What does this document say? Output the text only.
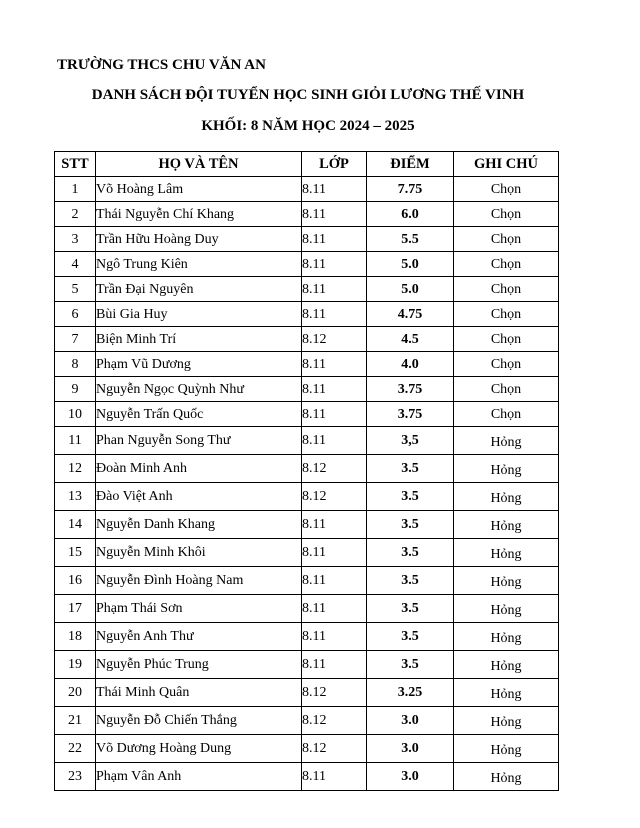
TRƯỜNG THCS CHU VĂN AN
DANH SÁCH ĐỘI TUYỂN HỌC SINH GIỎI LƯƠNG THẾ VINH
KHỐI: 8 NĂM HỌC 2024 – 2025
STT	HỌ VÀ TÊN	LỚP	ĐIỂM	GHI CHÚ
1	Võ Hoàng Lâm	8.11	7.75	Chọn
2	Thái Nguyễn Chí Khang	8.11	6.0	Chọn
3	Trần Hữu Hoàng Duy	8.11	5.5	Chọn
4	Ngô Trung Kiên	8.11	5.0	Chọn
5	Trần Đại Nguyên	8.11	5.0	Chọn
6	Bùi Gia Huy	8.11	4.75	Chọn
7	Biện Minh Trí	8.12	4.5	Chọn
8	Phạm Vũ Dương	8.11	4.0	Chọn
9	Nguyễn Ngọc Quỳnh Như	8.11	3.75	Chọn
10	Nguyễn Trấn Quốc	8.11	3.75	Chọn
11	Phan Nguyễn Song Thư	8.11	3,5	Hỏng
12	Đoàn Minh Anh	8.12	3.5	Hỏng
13	Đào Việt Anh	8.12	3.5	Hỏng
14	Nguyễn Danh Khang	8.11	3.5	Hỏng
15	Nguyễn Minh Khôi	8.11	3.5	Hỏng
16	Nguyễn Đình Hoàng Nam	8.11	3.5	Hỏng
17	Phạm Thái Sơn	8.11	3.5	Hỏng
18	Nguyễn Anh Thư	8.11	3.5	Hỏng
19	Nguyễn Phúc Trung	8.11	3.5	Hỏng
20	Thái Minh Quân	8.12	3.25	Hỏng
21	Nguyễn Đỗ Chiến Thắng	8.12	3.0	Hỏng
22	Võ Dương Hoàng Dung	8.12	3.0	Hỏng
23	Phạm Vân Anh	8.11	3.0	Hỏng
